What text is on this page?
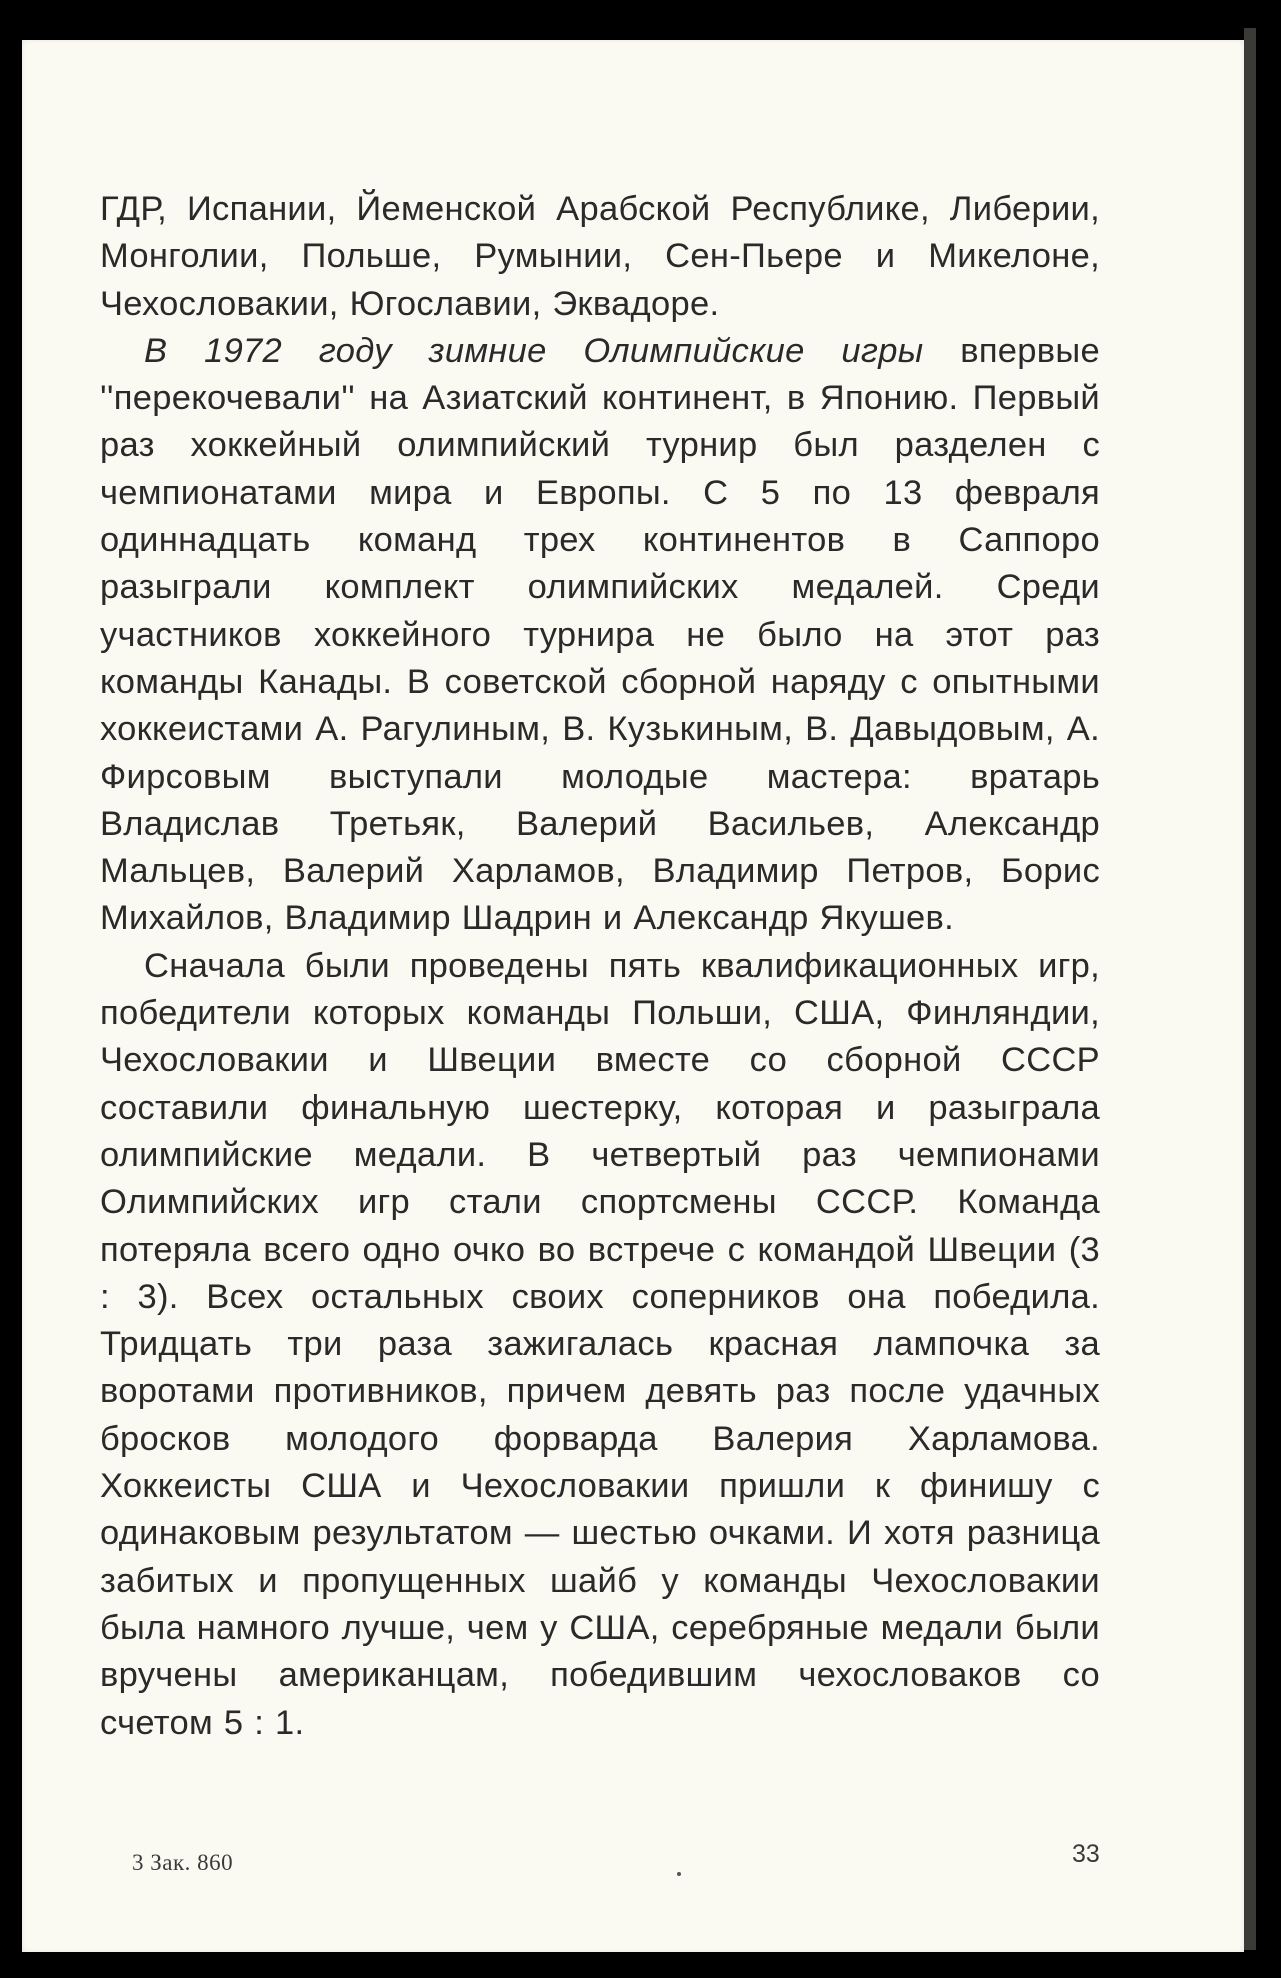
ГДР, Испании, Йеменской Арабской Республике, Либерии, Монголии, Польше, Румынии, Сен-Пьере и Микелоне, Чехословакии, Югославии, Эквадоре.

В 1972 году зимние Олимпийские игры впервые ''перекочевали'' на Азиатский континент, в Японию. Первый раз хоккейный олимпийский турнир был разделен с чемпионатами мира и Европы. С 5 по 13 февраля одиннадцать команд трех континентов в Саппоро разыграли комплект олимпийских медалей. Среди участников хоккейного турнира не было на этот раз команды Канады. В советской сборной наряду с опытными хоккеистами А. Рагулиным, В. Кузькиным, В. Давыдовым, А. Фирсовым выступали молодые мастера: вратарь Владислав Третьяк, Валерий Васильев, Александр Мальцев, Валерий Харламов, Владимир Петров, Борис Михайлов, Владимир Шадрин и Александр Якушев.

Сначала были проведены пять квалификационных игр, победители которых команды Польши, США, Финляндии, Чехословакии и Швеции вместе со сборной СССР составили финальную шестерку, которая и разыграла олимпийские медали. В четвертый раз чемпионами Олимпийских игр стали спортсмены СССР. Команда потеряла всего одно очко во встрече с командой Швеции (3 : 3). Всех остальных своих соперников она победила. Тридцать три раза зажигалась красная лампочка за воротами противников, причем девять раз после удачных бросков молодого форварда Валерия Харламова. Хоккеисты США и Чехословакии пришли к финишу с одинаковым результатом — шестью очками. И хотя разница забитых и пропущенных шайб у команды Чехословакии была намного лучше, чем у США, серебряные медали были вручены американцам, победившим чехословаков со счетом 5 : 1.

3 Зак. 860	33
